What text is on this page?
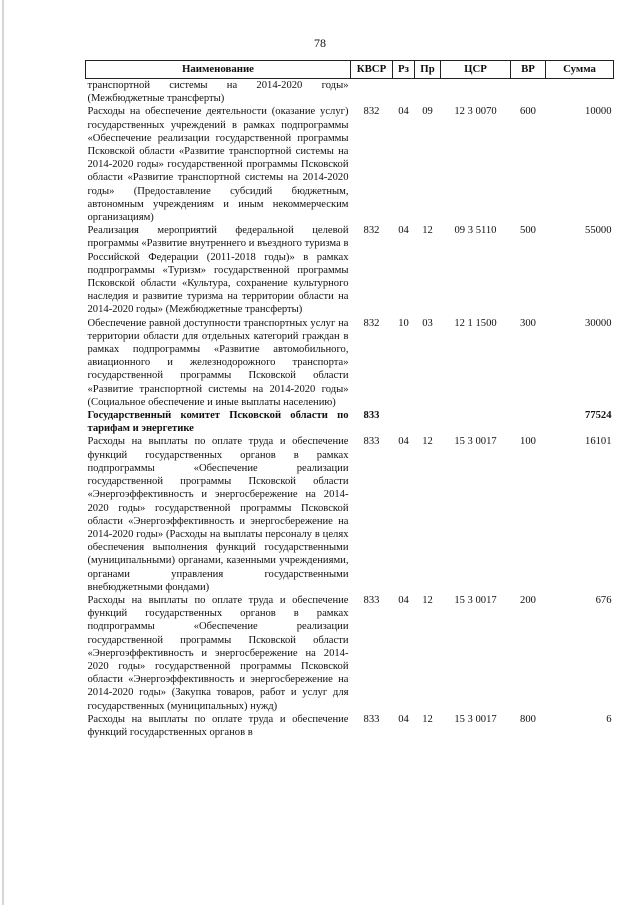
78
Наименование	КВСР	Рз	Пр	ЦСР	ВР	Сумма
транспортной системы на 2014-2020 годы» (Межбюджетные трансферты)						
Расходы на обеспечение деятельности (оказание услуг) государственных учреждений в рамках подпрограммы «Обеспечение реализации государственной программы Псковской области «Развитие транспортной системы на 2014-2020 годы» государственной программы Псковской области «Развитие транспортной системы на 2014-2020 годы» (Предоставление субсидий бюджетным, автономным учреждениям и иным некоммерческим организациям)	832	04	09	12 3 0070	600	10000
Реализация мероприятий федеральной целевой программы «Развитие внутреннего и въездного туризма в Российской Федерации (2011-2018 годы)» в рамках подпрограммы «Туризм» государственной программы Псковской области «Культура, сохранение культурного наследия и развитие туризма на территории области на 2014-2020 годы» (Межбюджетные трансферты)	832	04	12	09 3 5110	500	55000
Обеспечение равной доступности транспортных услуг на территории области для отдельных категорий граждан в рамках подпрограммы «Развитие автомобильного, авиационного и железнодорожного транспорта» государственной программы Псковской области «Развитие транспортной системы на 2014-2020 годы» (Социальное обеспечение и иные выплаты населению)	832	10	03	12 1 1500	300	30000
Государственный комитет Псковской области по тарифам и энергетике	833					77524
Расходы на выплаты по оплате труда и обеспечение функций государственных органов в рамках подпрограммы «Обеспечение реализации государственной программы Псковской области «Энергоэффективность и энергосбережение на 2014-2020 годы» государственной программы Псковской области «Энергоэффективность и энергосбережение на 2014-2020 годы» (Расходы на выплаты персоналу в целях обеспечения выполнения функций государственными (муниципальными) органами, казенными учреждениями, органами управления государственными внебюджетными фондами)	833	04	12	15 3 0017	100	16101
Расходы на выплаты по оплате труда и обеспечение функций государственных органов в рамках подпрограммы «Обеспечение реализации государственной программы Псковской области «Энергоэффективность и энергосбережение на 2014-2020 годы» государственной программы Псковской области «Энергоэффективность и энергосбережение на 2014-2020 годы» (Закупка товаров, работ и услуг для государственных (муниципальных) нужд)	833	04	12	15 3 0017	200	676
Расходы на выплаты по оплате труда и обеспечение функций государственных органов в	833	04	12	15 3 0017	800	6
